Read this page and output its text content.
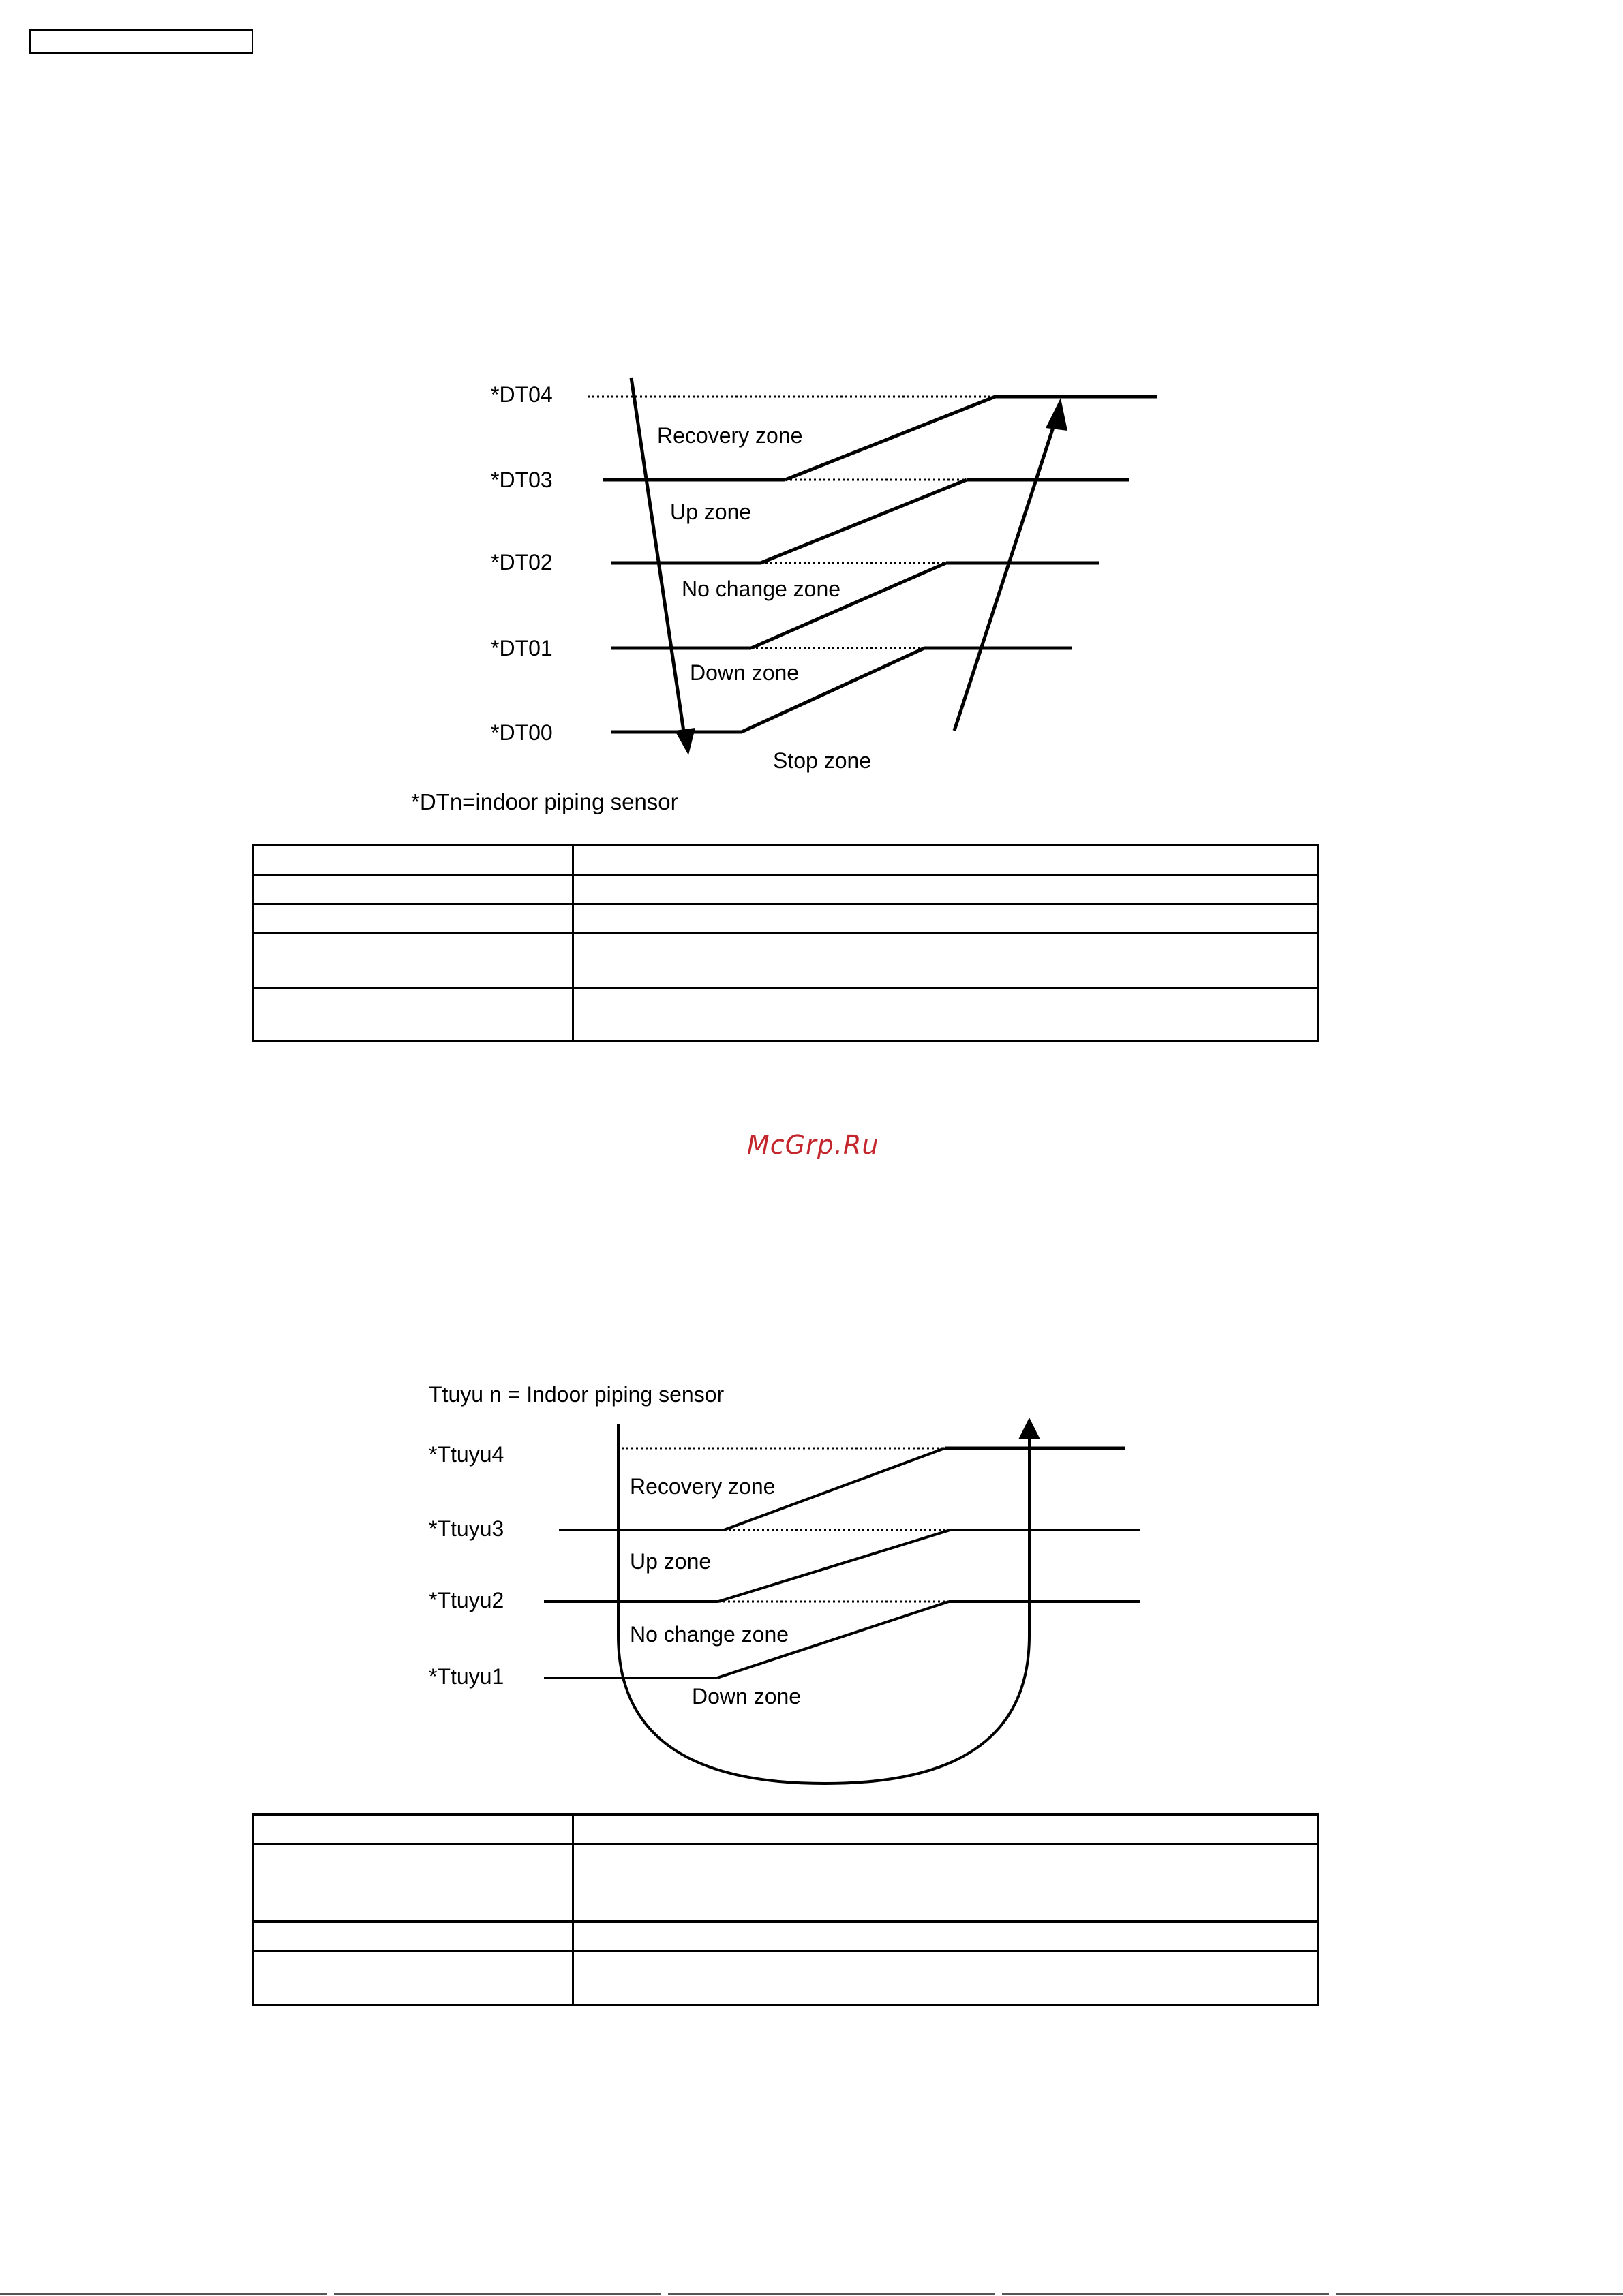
*DT04
*DT03
*DT02
*DT01
*DT00
Recovery zone
Up zone
No change zone
Down zone
Stop zone
*DTn=indoor piping sensor

McGrp.Ru
Ttuyu n = Indoor piping sensor
*Ttuyu4
*Ttuyu3
*Ttuyu2
*Ttuyu1
Recovery zone
Up zone
No change zone
Down zone
